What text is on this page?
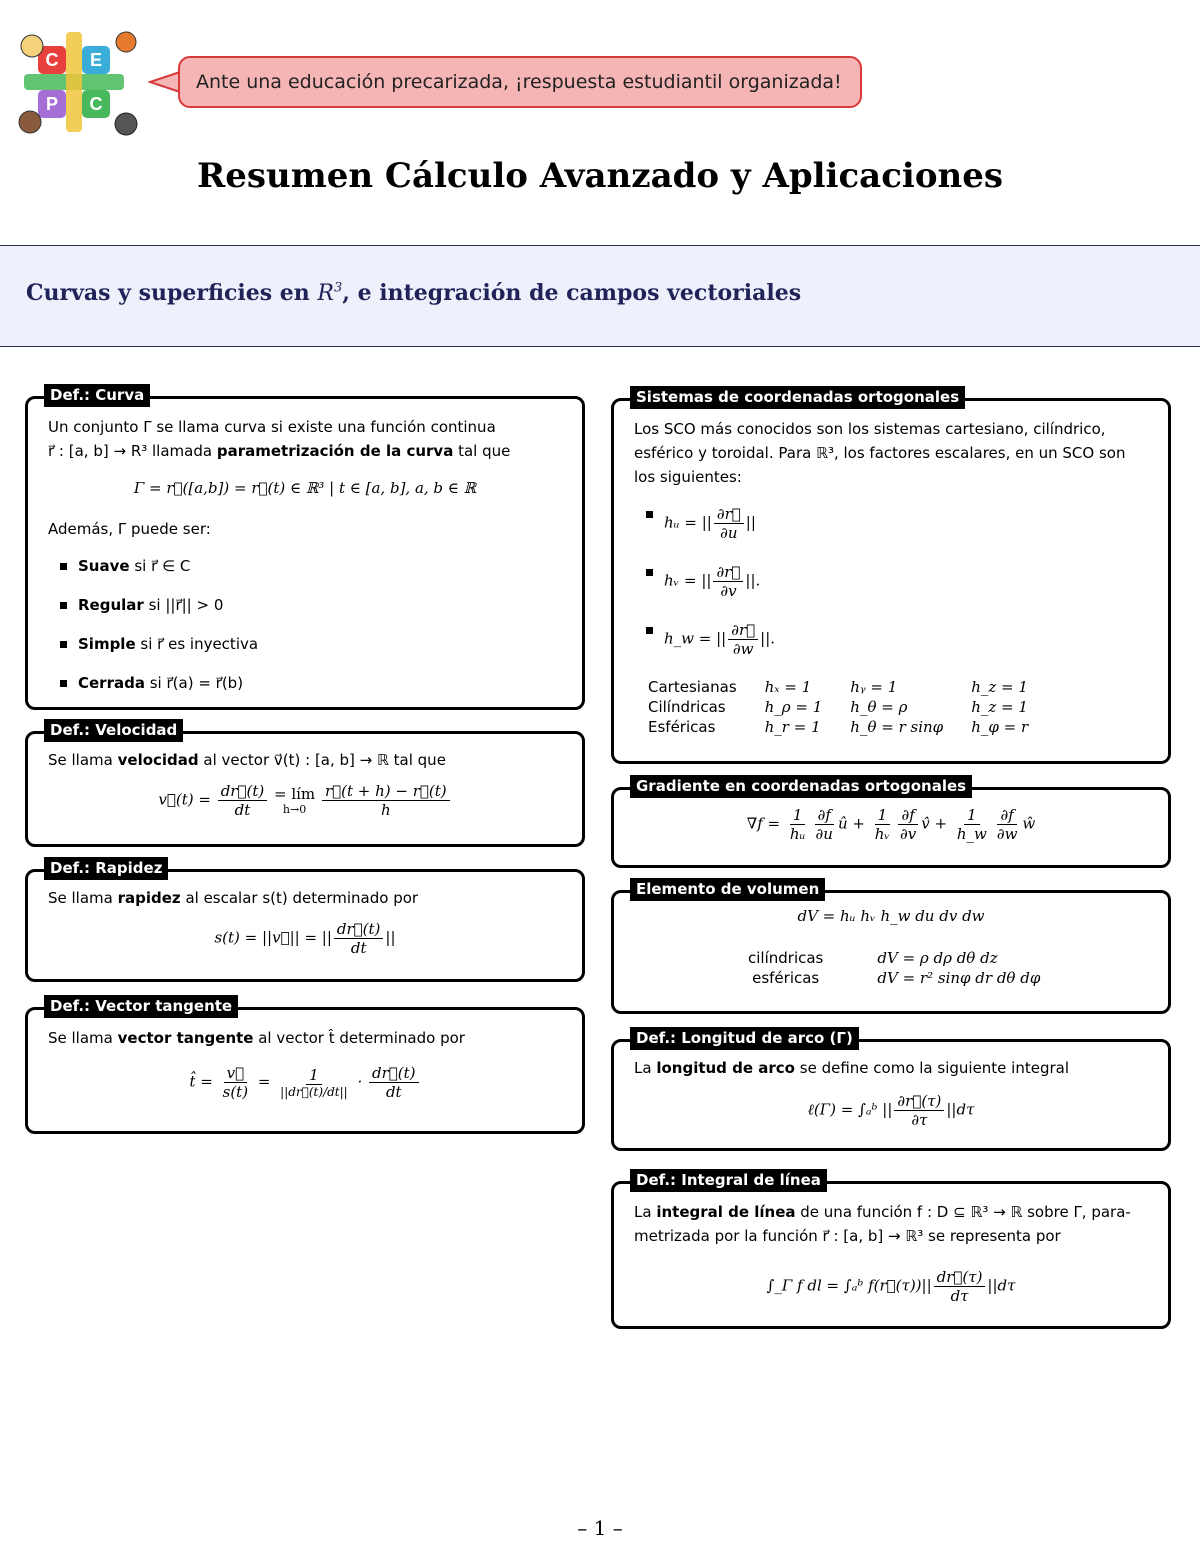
C	E
P	C
Ante una educación precarizada, ¡respuesta estudiantil organizada!
Resumen Cálculo Avanzado y Aplicaciones
Curvas y superficies en $R^3$, e integración de campos vectoriales
Def.: Curva
Un conjunto Γ se llama curva si existe una función continua
r⃗ : [a, b] → R³ llamada parametrización de la curva tal que
Γ = r⃗([a,b]) = r⃗(t) ∈ ℝ³ | t ∈ [a, b], a, b ∈ ℝ
Además, Γ puede ser:
Suave si r⃗ ∈ C
Regular si ||r⃗|| > 0
Simple si r⃗ es inyectiva
Cerrada si r⃗(a) = r⃗(b)
Def.: Velocidad
Se llama velocidad al vector v⃗(t) : [a, b] → ℝ tal que
v⃗(t) = $\frac{dr⃗(t)}{dt}$
= lím
h→0
$\frac{r⃗(t + h) - r⃗(t)}{h}$
Def.: Rapidez
Se llama rapidez al escalar s(t) determinado por
s(t) = ||v⃗|| = || $\frac{dr⃗(t)}{dt}$ ||
Def.: Vector tangente
Se llama vector tangente al vector t̂ determinado por
t̂ = $\frac{v⃗}{s(t)} = \frac{1}{||dr⃗(t)/dt||} \cdot \frac{dr⃗(t)}{dt}$
Sistemas de coordenadas ortogonales
Los SCO más conocidos son los sistemas cartesiano, cilíndrico,
esférico y toroidal. Para ℝ³, los factores escalares, en un SCO son
los siguientes:
hᵤ = || $\frac{\partial r⃗}{\partial u}$ ||
hᵥ = || $\frac{\partial r⃗}{\partial v}$ ||.
h_w = || $\frac{\partial r⃗}{\partial w}$ ||.
Cartesianas	hₓ = 1	hᵧ = 1	h_z = 1
Cilíndricas	h_ρ = 1	h_θ = ρ	h_z = 1
Esféricas	h_r = 1	h_θ = r sinφ	h_φ = r
Gradiente en coordenadas ortogonales
$\nabla f = \frac{1}{\text{hᵤ}} \frac{\partial f}{\partial u}$ û + $\frac{1}{\text{hᵥ}} \frac{\partial f}{\partial v}$ v̂ + $\frac{1}{h\_w} \frac{\partial f}{\partial w}$ ŵ
Elemento de volumen
dV = hᵤ hᵥ h_w du dv dw
cilíndricas	dV = ρ dρ dθ dz
esféricas	dV = r² sinφ dr dθ dφ
Def.: Longitud de arco (Γ)
La longitud de arco se define como la siguiente integral
ℓ(Γ) = ∫ₐᵇ || $\frac{\partial r⃗(\tau)}{\partial\tau} ||d\tau$
Def.: Integral de línea
La integral de línea de una función f : D ⊆ ℝ³ → ℝ sobre Γ, para-
metrizada por la función r⃗ : [a, b] → ℝ³ se representa por
∫_Γ f dl = ∫ₐᵇ f(r⃗(τ))|| $\frac{dr⃗(\tau)}{d\tau} ||d\tau$
– 1 –
